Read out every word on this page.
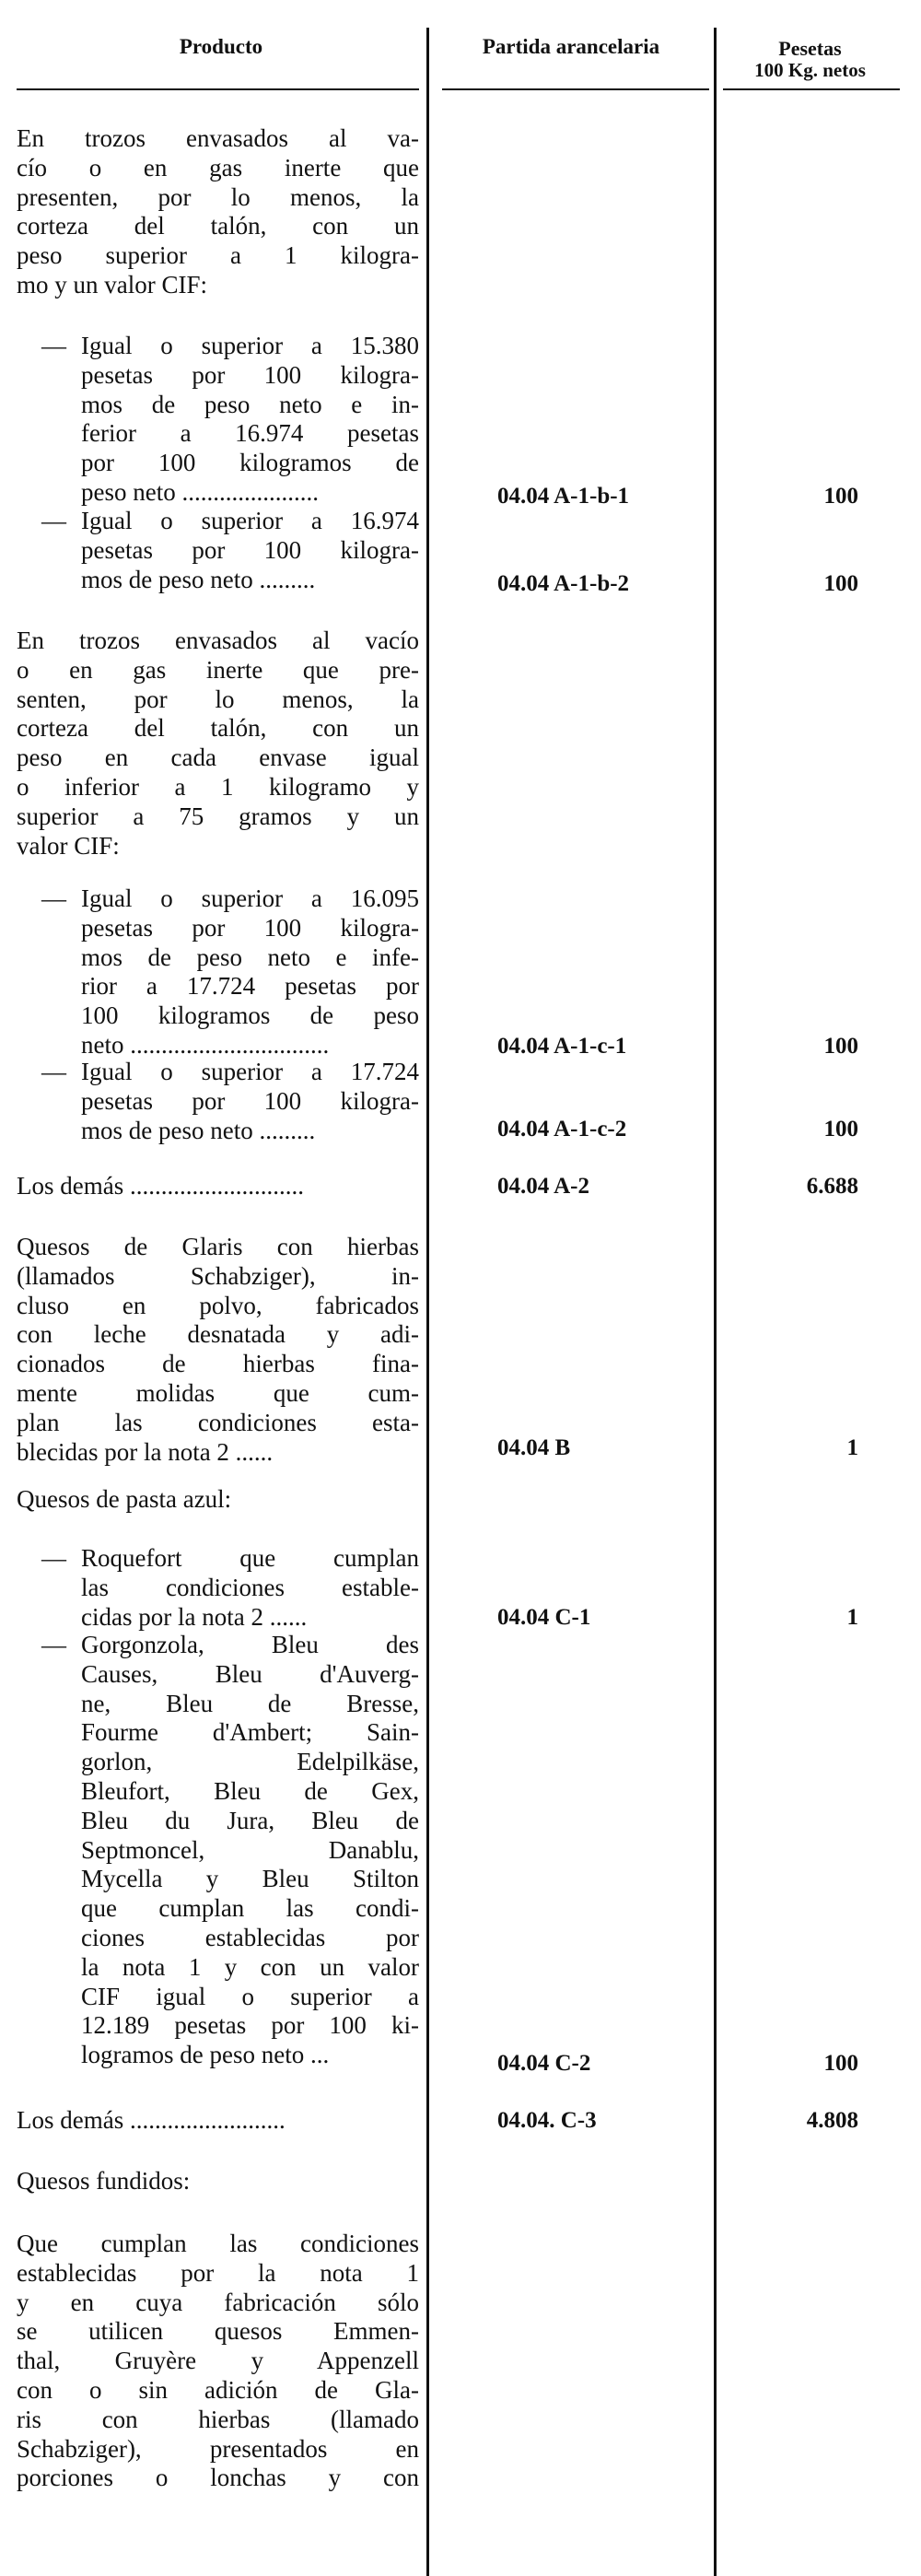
Producto	Partida arancelaria	Pesetas
100 Kg. netos
En trozos envasados al va-
cío o en gas inerte que
presenten, por lo menos, la
corteza del talón, con un
peso superior a 1 kilogra-
mo y un valor CIF:
— Igual o superior a 15.380
pesetas por 100 kilogra-
mos de peso neto e in-
ferior a 16.974 pesetas
por 100 kilogramos de
peso neto ......................	04.04 A-1-b-1	100
— Igual o superior a 16.974
pesetas por 100 kilogra-
mos de peso neto .........	04.04 A-1-b-2	100
En trozos envasados al vacío
o en gas inerte que pre-
senten, por lo menos, la
corteza del talón, con un
peso en cada envase igual
o inferior a 1 kilogramo y
superior a 75 gramos y un
valor CIF:
— Igual o superior a 16.095
pesetas por 100 kilogra-
mos de peso neto e infe-
rior a 17.724 pesetas por
100 kilogramos de peso
neto ................................	04.04 A-1-c-1	100
— Igual o superior a 17.724
pesetas por 100 kilogra-
mos de peso neto .........	04.04 A-1-c-2	100
Los demás ............................	04.04 A-2	6.688
Quesos de Glaris con hierbas
(llamados Schabziger), in-
cluso en polvo, fabricados
con leche desnatada y adi-
cionados de hierbas fina-
mente molidas que cum-
plan las condiciones esta-
blecidas por la nota 2 ......	04.04 B	1
Quesos de pasta azul:
— Roquefort que cumplan
las condiciones estable-
cidas por la nota 2 ......	04.04 C-1	1
— Gorgonzola, Bleu des
Causes, Bleu d'Auverg-
ne, Bleu de Bresse,
Fourme d'Ambert; Sain-
gorlon, Edelpilkäse,
Bleufort, Bleu de Gex,
Bleu du Jura, Bleu de
Septmoncel, Danablu,
Mycella y Bleu Stilton
que cumplan las condi-
ciones establecidas por
la nota 1 y con un valor
CIF igual o superior a
12.189 pesetas por 100 ki-
logramos de peso neto ...	04.04 C-2	100
Los demás .........................	04.04. C-3	4.808
Quesos fundidos:
Que cumplan las condiciones
establecidas por la nota 1
y en cuya fabricación sólo
se utilicen quesos Emmen-
thal, Gruyère y Appenzell
con o sin adición de Gla-
ris con hierbas (llamado
Schabziger), presentados en
porciones o lonchas y con
